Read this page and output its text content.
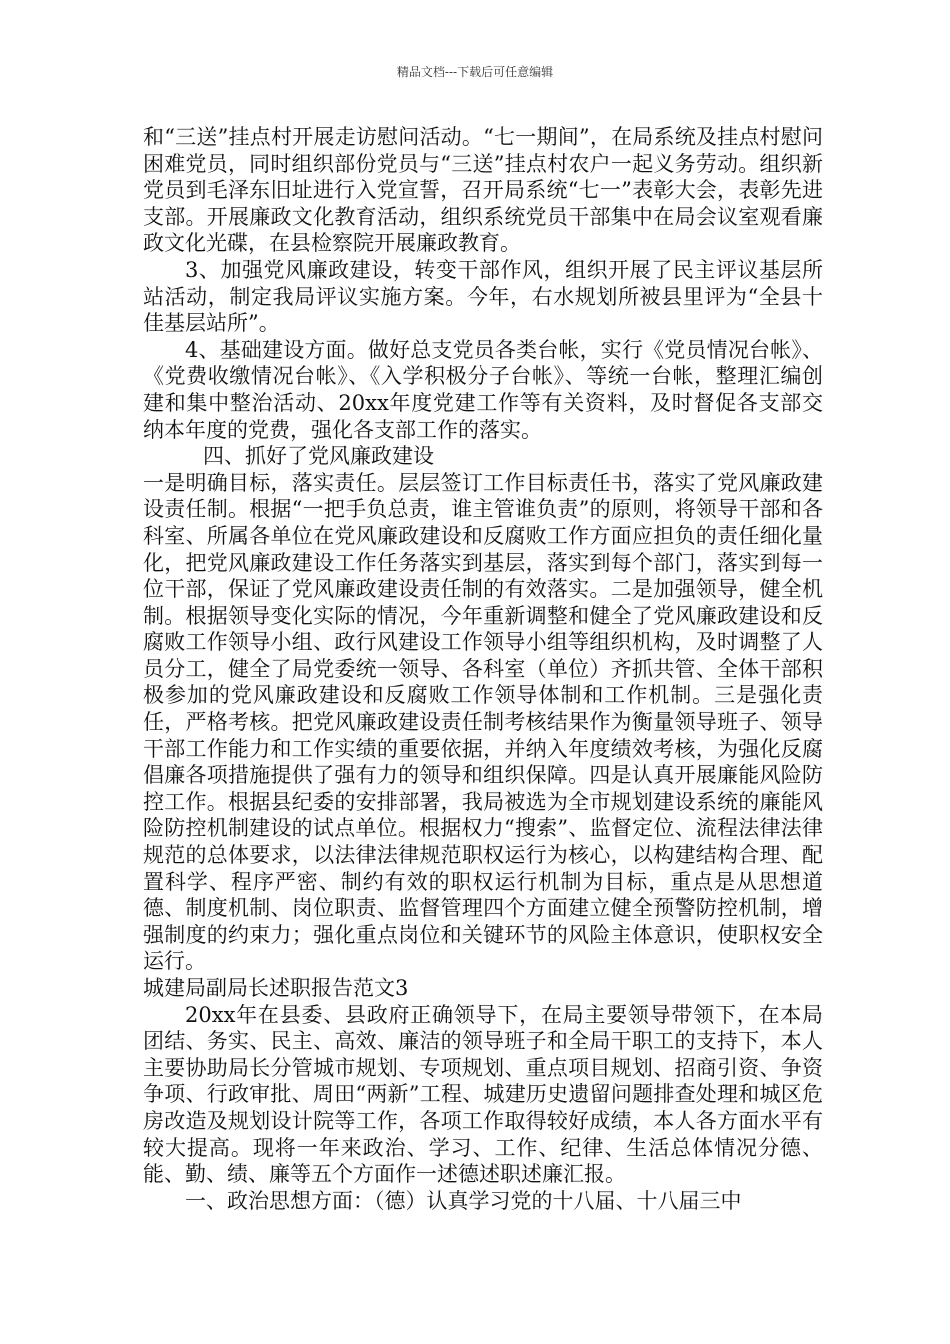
精品文档---下载后可任意编辑

和“三送”挂点村开展走访慰问活动。“七一期间”，在局系统及挂点村慰问困难党员，同时组织部份党员与“三送”挂点村农户一起义务劳动。组织新党员到毛泽东旧址进行入党宣誓，召开局系统“七一”表彰大会，表彰先进支部。开展廉政文化教育活动，组织系统党员干部集中在局会议室观看廉政文化光碟，在县检察院开展廉政教育。

3、加强党风廉政建设，转变干部作风，组织开展了民主评议基层所站活动，制定我局评议实施方案。今年，右水规划所被县里评为“全县十佳基层站所”。

4、基础建设方面。做好总支党员各类台帐，实行《党员情况台帐》、《党费收缴情况台帐》、《入学积极分子台帐》、等统一台帐，整理汇编创建和集中整治活动、20xx年度党建工作等有关资料，及时督促各支部交纳本年度的党费，强化各支部工作的落实。

四、抓好了党风廉政建设

一是明确目标，落实责任。层层签订工作目标责任书，落实了党风廉政建设责任制。根据“一把手负总责，谁主管谁负责”的原则，将领导干部和各科室、所属各单位在党风廉政建设和反腐败工作方面应担负的责任细化量化，把党风廉政建设工作任务落实到基层，落实到每个部门，落实到每一位干部，保证了党风廉政建设责任制的有效落实。二是加强领导，健全机制。根据领导变化实际的情况，今年重新调整和健全了党风廉政建设和反腐败工作领导小组、政行风建设工作领导小组等组织机构，及时调整了人员分工，健全了局党委统一领导、各科室（单位）齐抓共管、全体干部积极参加的党风廉政建设和反腐败工作领导体制和工作机制。三是强化责任，严格考核。把党风廉政建设责任制考核结果作为衡量领导班子、领导干部工作能力和工作实绩的重要依据，并纳入年度绩效考核，为强化反腐倡廉各项措施提供了强有力的领导和组织保障。四是认真开展廉能风险防控工作。根据县纪委的安排部署，我局被选为全市规划建设系统的廉能风险防控机制建设的试点单位。根据权力“搜索”、监督定位、流程法律法律规范的总体要求，以法律法律规范职权运行为核心，以构建结构合理、配置科学、程序严密、制约有效的职权运行机制为目标，重点是从思想道德、制度机制、岗位职责、监督管理四个方面建立健全预警防控机制，增强制度的约束力；强化重点岗位和关键环节的风险主体意识，使职权安全运行。

城建局副局长述职报告范文3

20xx年在县委、县政府正确领导下，在局主要领导带领下，在本局团结、务实、民主、高效、廉洁的领导班子和全局干职工的支持下，本人主要协助局长分管城市规划、专项规划、重点项目规划、招商引资、争资争项、行政审批、周田“两新”工程、城建历史遗留问题排查处理和城区危房改造及规划设计院等工作，各项工作取得较好成绩，本人各方面水平有较大提高。现将一年来政治、学习、工作、纪律、生活总体情况分德、能、勤、绩、廉等五个方面作一述德述职述廉汇报。

一、政治思想方面：（德）认真学习党的十八届、十八届三中
